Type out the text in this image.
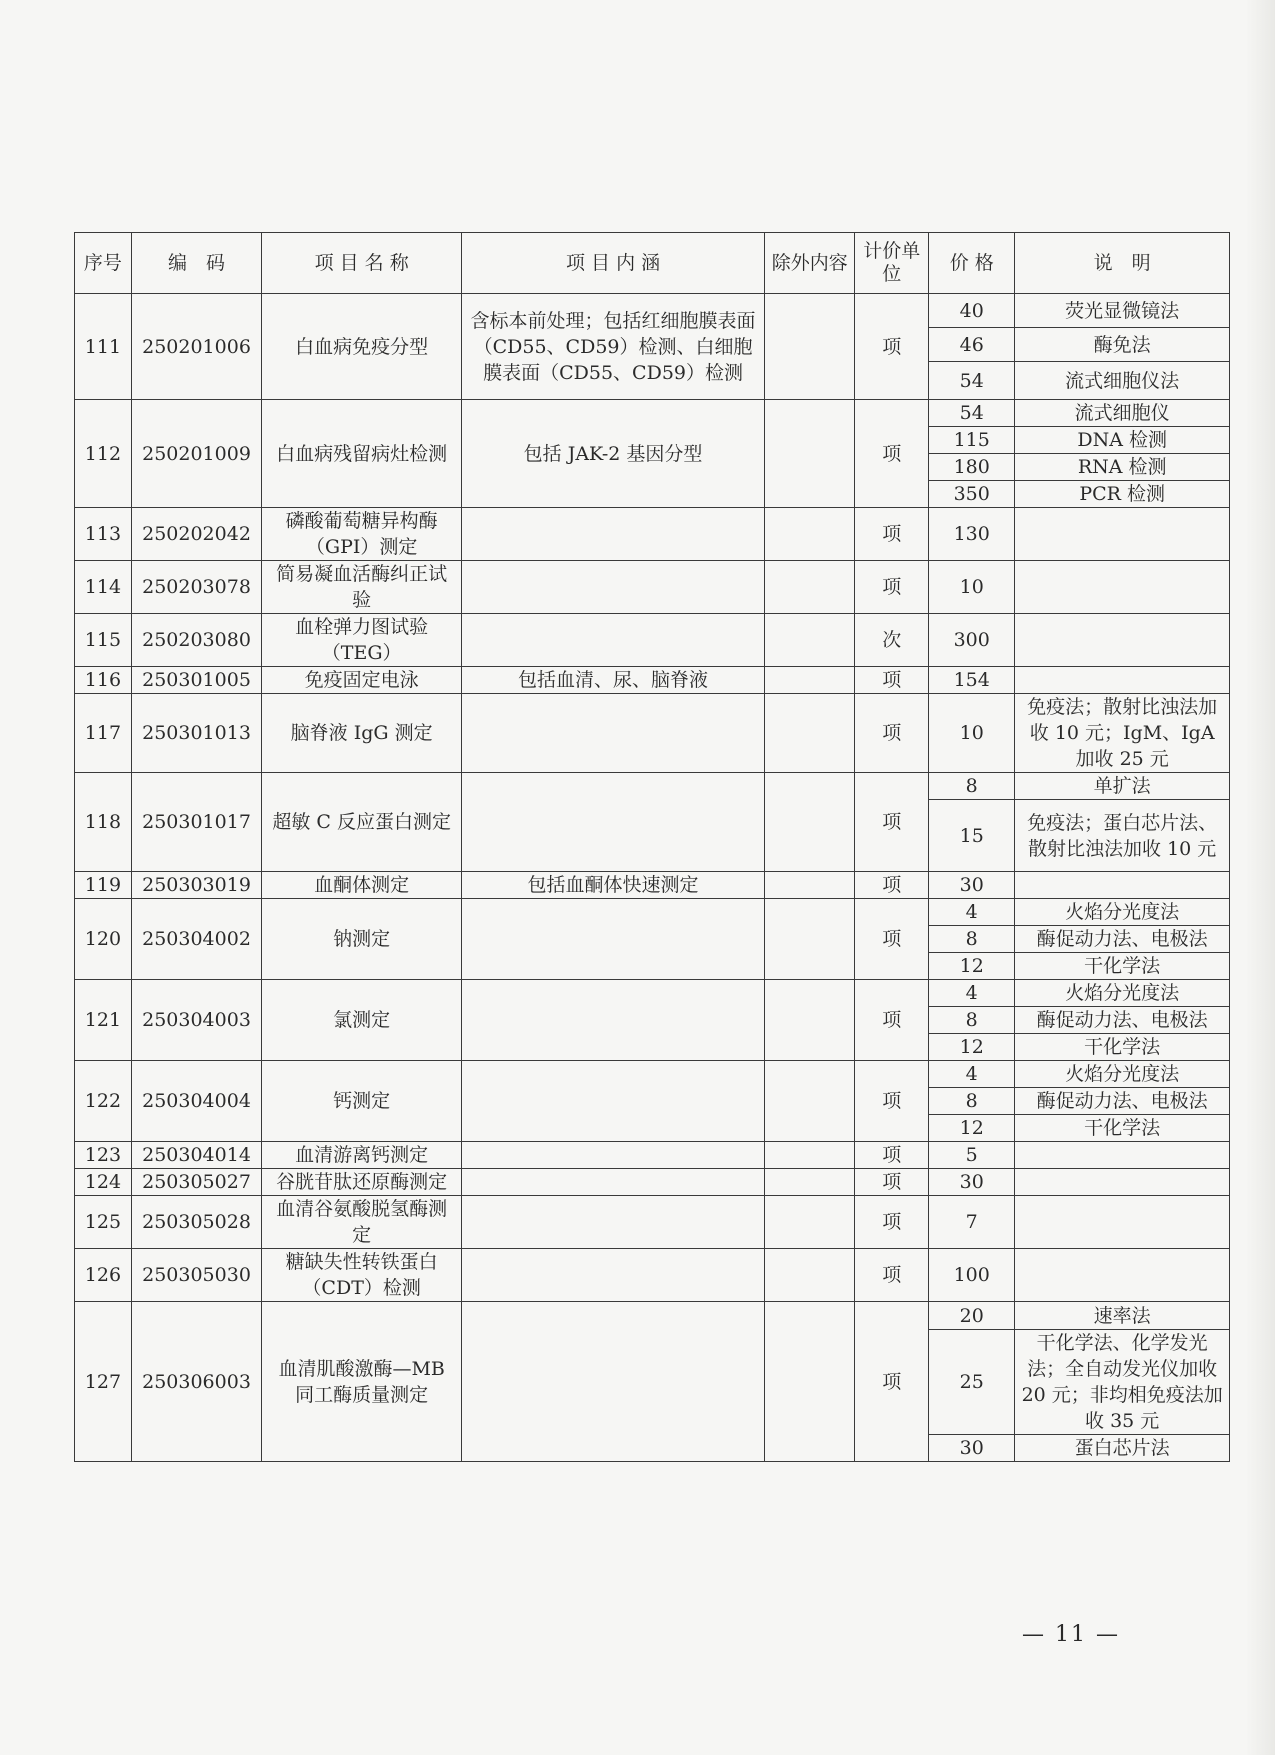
序号	编　码	项 目 名 称	项 目 内 涵	除外内容	计价单位	价 格	说　明
111	250201006	白血病免疫分型	含标本前处理；包括红细胞膜表面（CD55、CD59）检测、白细胞膜表面（CD55、CD59）检测		项	40	荧光显微镜法
						46	酶免法
						54	流式细胞仪法
112	250201009	白血病残留病灶检测	包括 JAK-2 基因分型		项	54	流式细胞仪
						115	DNA 检测
						180	RNA 检测
						350	PCR 检测
113	250202042	磷酸葡萄糖异构酶（GPI）测定			项	130	
114	250203078	简易凝血活酶纠正试验			项	10	
115	250203080	血栓弹力图试验（TEG）			次	300	
116	250301005	免疫固定电泳	包括血清、尿、脑脊液		项	154	
117	250301013	脑脊液 IgG 测定			项	10	免疫法；散射比浊法加收 10 元；IgM、IgA 加收 25 元
118	250301017	超敏 C 反应蛋白测定			项	8	单扩法
						15	免疫法；蛋白芯片法、散射比浊法加收 10 元
119	250303019	血酮体测定	包括血酮体快速测定		项	30	
120	250304002	钠测定			项	4	火焰分光度法
						8	酶促动力法、电极法
						12	干化学法
121	250304003	氯测定			项	4	火焰分光度法
						8	酶促动力法、电极法
						12	干化学法
122	250304004	钙测定			项	4	火焰分光度法
						8	酶促动力法、电极法
						12	干化学法
123	250304014	血清游离钙测定			项	5	
124	250305027	谷胱苷肽还原酶测定			项	30	
125	250305028	血清谷氨酸脱氢酶测定			项	7	
126	250305030	糖缺失性转铁蛋白（CDT）检测			项	100	
127	250306003	血清肌酸激酶—MB 同工酶质量测定			项	20	速率法
						25	干化学法、化学发光法；全自动发光仪加收 20 元；非均相免疫法加收 35 元
						30	蛋白芯片法
— 11 —
